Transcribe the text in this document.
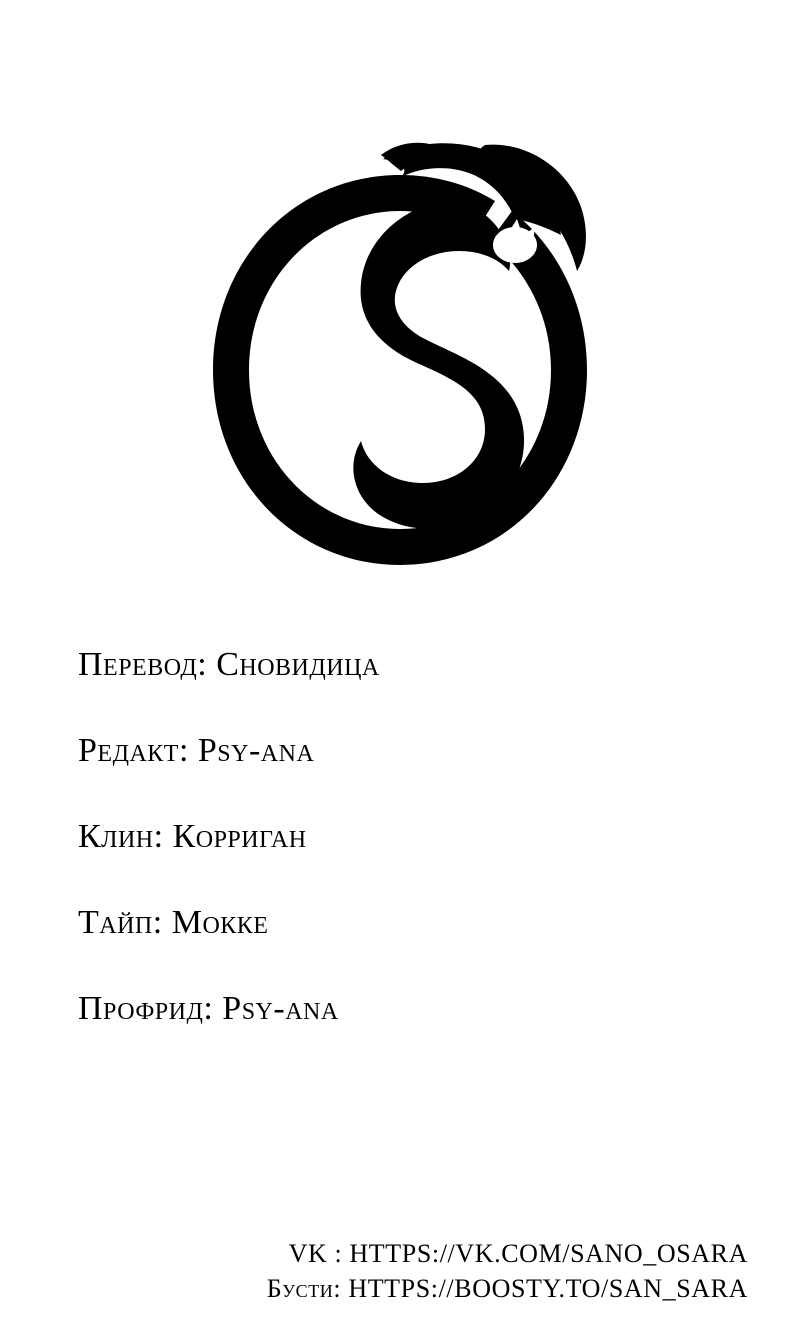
Перевод: Сновидица
Редакт: Psy-ana
Клин: Корриган
Тайп: Мокке
Профрид: Psy-ana
VK : HTTPS://VK.COM/SANO_OSARA
Бусти: HTTPS://BOOSTY.TO/SAN_SARA
